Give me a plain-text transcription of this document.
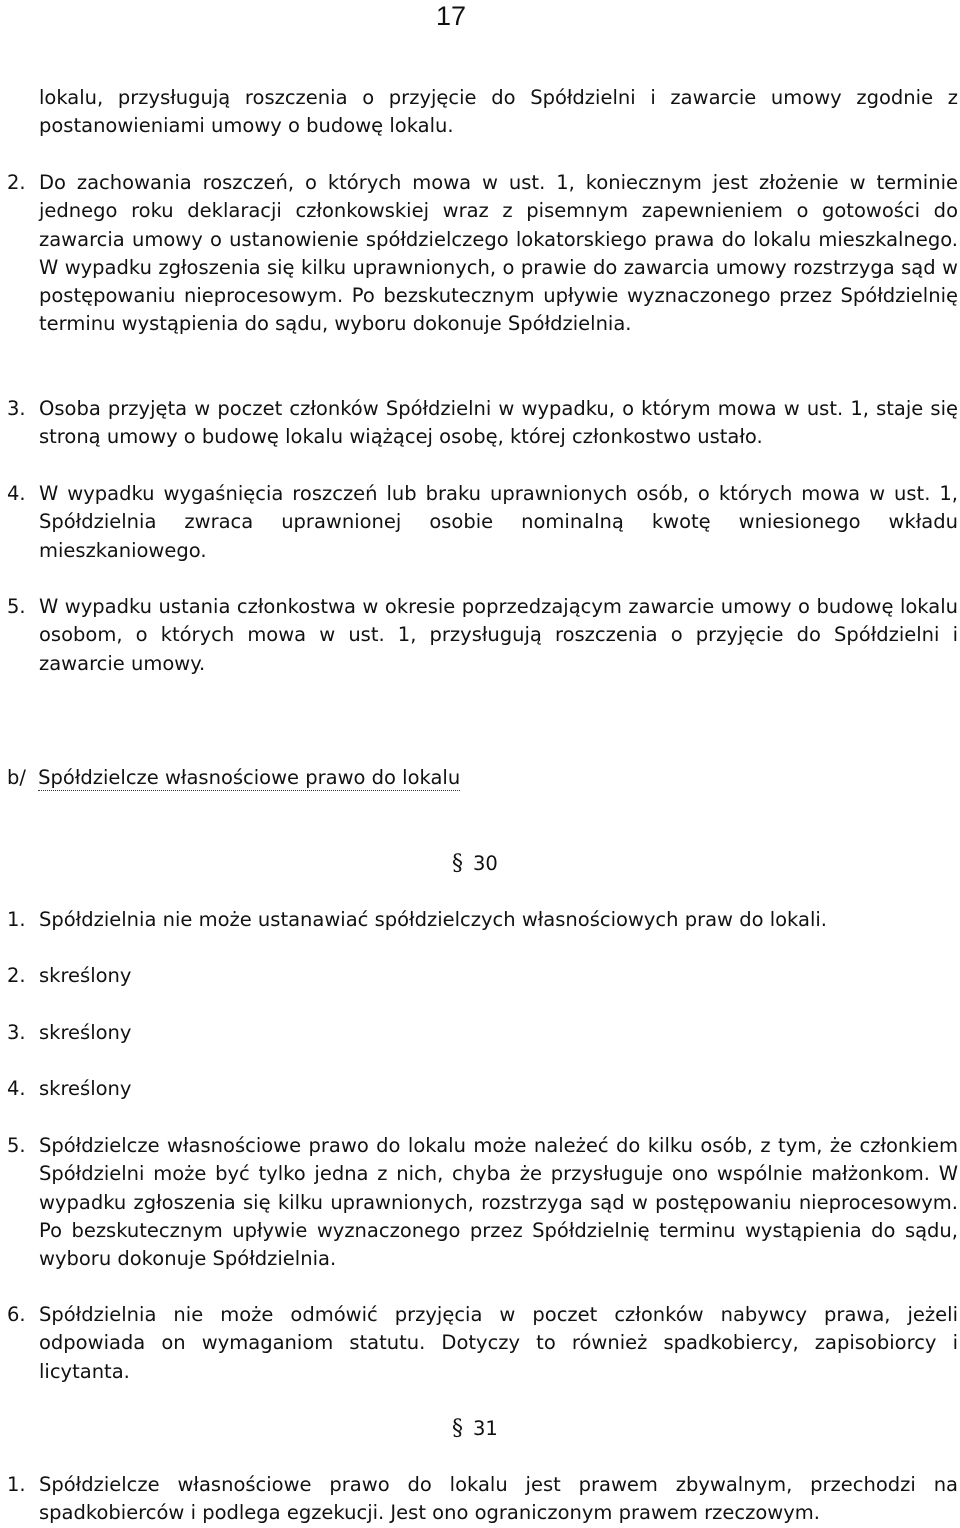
17
lokalu, przysługują roszczenia o przyjęcie do Spółdzielni i zawarcie umowy zgodnie z postanowieniami umowy o budowę lokalu.
2. Do zachowania roszczeń, o których mowa w ust. 1, koniecznym jest złożenie w terminie jednego roku deklaracji członkowskiej wraz z pisemnym zapewnieniem o gotowości do zawarcia umowy o ustanowienie spółdzielczego lokatorskiego prawa do lokalu mieszkalnego. W wypadku zgłoszenia się kilku uprawnionych, o prawie do zawarcia umowy rozstrzyga sąd w postępowaniu nieprocesowym. Po bezskutecznym upływie wyznaczonego przez Spółdzielnię terminu wystąpienia do sądu, wyboru dokonuje Spółdzielnia.
3. Osoba przyjęta w poczet członków Spółdzielni w wypadku, o którym mowa w ust. 1, staje się stroną umowy o budowę lokalu wiążącej osobę, której członkostwo ustało.
4. W wypadku wygaśnięcia roszczeń lub braku uprawnionych osób, o których mowa w ust. 1, Spółdzielnia zwraca uprawnionej osobie nominalną kwotę wniesionego wkładu mieszkaniowego.
5. W wypadku ustania członkostwa w okresie poprzedzającym zawarcie umowy o budowę lokalu osobom, o których mowa w ust. 1, przysługują roszczenia o przyjęcie do Spółdzielni i zawarcie umowy.
b/ Spółdzielcze własnościowe prawo do lokalu
§ 30
1. Spółdzielnia nie może ustanawiać spółdzielczych własnościowych praw do lokali.
2. skreślony
3. skreślony
4. skreślony
5. Spółdzielcze własnościowe prawo do lokalu może należeć do kilku osób, z tym, że członkiem Spółdzielni może być tylko jedna z nich, chyba że przysługuje ono wspólnie małżonkom. W wypadku zgłoszenia się kilku uprawnionych, rozstrzyga sąd w postępowaniu nieprocesowym. Po bezskutecznym upływie wyznaczonego przez Spółdzielnię terminu wystąpienia do sądu, wyboru dokonuje Spółdzielnia.
6. Spółdzielnia nie może odmówić przyjęcia w poczet członków nabywcy prawa, jeżeli odpowiada on wymaganiom statutu. Dotyczy to również spadkobiercy, zapisobiorcy i licytanta.
§ 31
1. Spółdzielcze własnościowe prawo do lokalu jest prawem zbywalnym, przechodzi na spadkobierców i podlega egzekucji. Jest ono ograniczonym prawem rzeczowym.
